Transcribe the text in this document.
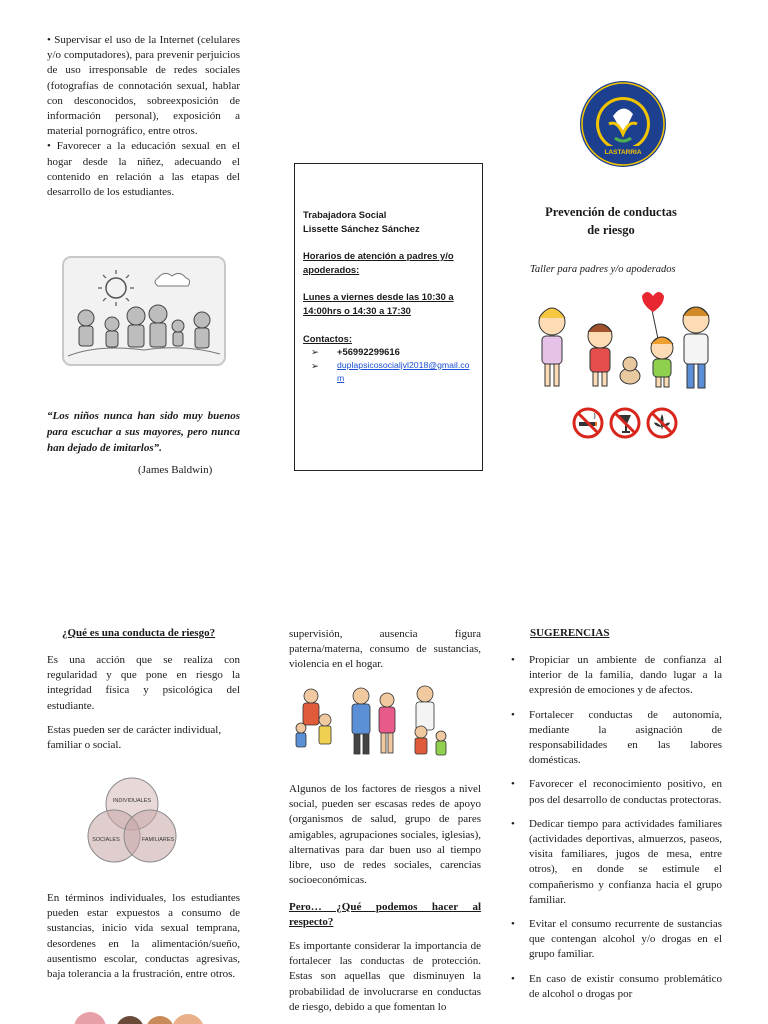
• Supervisar el uso de la Internet (celulares y/o computadores), para prevenir perjuicios de uso irresponsable de redes sociales (fotografías de connotación sexual, hablar con desconocidos, sobreexposición de información personal), exposición a material pornográfico, entre otros.

• Favorecer a la educación sexual en el hogar desde la niñez, adecuando el contenido en relación a las etapas del desarrollo de los estudiantes.

“Los niños nunca han sido muy buenos para escuchar a sus mayores, pero nunca han dejado de imitarlos”.
(James Baldwin)

Trabajadora Social

Lissette Sánchez Sánchez

Horarios de atención a padres y/o apoderados:

Lunes a viernes desde las 10:30 a 14:00hrs o 14:30 a 17:30

Contactos:

➢	+56992299616
➢	duplapsicosocialjvl2018@gmail.com
LASTARRIA
Prevención de conductas de riesgo
Taller para padres y/o apoderados
¿Qué es una conducta de riesgo?
Es una acción que se realiza con regularidad y que pone en riesgo la integridad física y psicológica del estudiante.
Estas pueden ser de carácter individual, familiar o social.
INDIVIDUALES
SOCIALES	FAMILIARES
En términos individuales, los estudiantes pueden estar expuestos a consumo de sustancias, inicio vida sexual temprana, desordenes en la alimentación/sueño, ausentismo escolar, conductas agresivas, baja tolerancia a la frustración, entre otros.
supervisión, ausencia figura paterna/materna, consumo de sustancias, violencia en el hogar.
Algunos de los factores de riesgos a nivel social, pueden ser escasas redes de apoyo (organismos de salud, grupo de pares amigables, agrupaciones sociales, iglesias), alternativas para dar buen uso al tiempo libre, uso de redes sociales, carencias socioeconómicas.
Pero… ¿Qué podemos hacer al respecto?
Es importante considerar la importancia de fortalecer las conductas de protección. Estas son aquellas que disminuyen la probabilidad de involucrarse en conductas de riesgo, debido a que fomentan lo
SUGERENCIAS
• Propiciar un ambiente de confianza al interior de la familia, dando lugar a la expresión de emociones y de afectos.
• Fortalecer conductas de autonomía, mediante la asignación de responsabilidades en las labores domésticas.
• Favorecer el reconocimiento positivo, en pos del desarrollo de conductas protectoras.
• Dedicar tiempo para actividades familiares (actividades deportivas, almuerzos, paseos, visita familiares, jugos de mesa, entre otros), en donde se estimule el compañerismo y confianza hacia el grupo familiar.
• Evitar el consumo recurrente de sustancias que contengan alcohol y/o drogas en el grupo familiar.
• En caso de existir consumo problemático de alcohol o drogas por
